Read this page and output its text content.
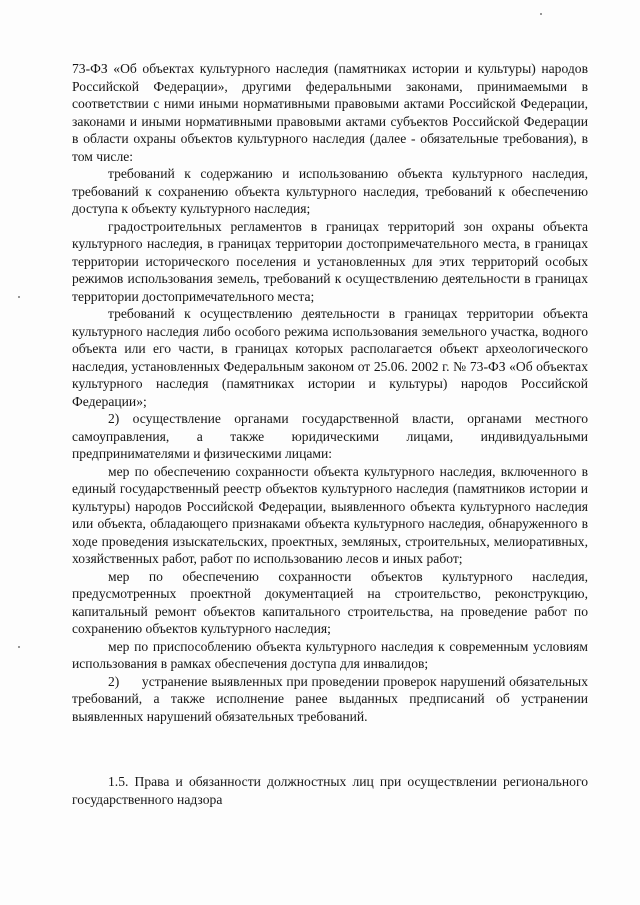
73-ФЗ «Об объектах культурного наследия (памятниках истории и культуры) народов Российской Федерации», другими федеральными законами, принимаемыми в соответствии с ними иными нормативными правовыми актами Российской Федерации, законами и иными нормативными правовыми актами субъектов Российской Федерации в области охраны объектов культурного наследия (далее - обязательные требования), в том числе:

требований к содержанию и использованию объекта культурного наследия, требований к сохранению объекта культурного наследия, требований к обеспечению доступа к объекту культурного наследия;

градостроительных регламентов в границах территорий зон охраны объекта культурного наследия, в границах территории достопримечательного места, в границах территории исторического поселения и установленных для этих территорий особых режимов использования земель, требований к осуществлению деятельности в границах территории достопримечательного места;

требований к осуществлению деятельности в границах территории объекта культурного наследия либо особого режима использования земельного участка, водного объекта или его части, в границах которых располагается объект археологического наследия, установленных Федеральным законом от 25.06. 2002 г. № 73-ФЗ «Об объектах культурного наследия (памятниках истории и культуры) народов Российской Федерации»;

2) осуществление органами государственной власти, органами местного самоуправления, а также юридическими лицами, индивидуальными предпринимателями и физическими лицами:

мер по обеспечению сохранности объекта культурного наследия, включенного в единый государственный реестр объектов культурного наследия (памятников истории и культуры) народов Российской Федерации, выявленного объекта культурного наследия или объекта, обладающего признаками объекта культурного наследия, обнаруженного в ходе проведения изыскательских, проектных, земляных, строительных, мелиоративных, хозяйственных работ, работ по использованию лесов и иных работ;

мер по обеспечению сохранности объектов культурного наследия, предусмотренных проектной документацией на строительство, реконструкцию, капитальный ремонт объектов капитального строительства, на проведение работ по сохранению объектов культурного наследия;

мер по приспособлению объекта культурного наследия к современным условиям использования в рамках обеспечения доступа для инвалидов;

2)      устранение выявленных при проведении проверок нарушений обязательных требований, а также исполнение ранее выданных предписаний об устранении выявленных нарушений обязательных требований.

1.5. Права и обязанности должностных лиц при осуществлении регионального государственного надзора
